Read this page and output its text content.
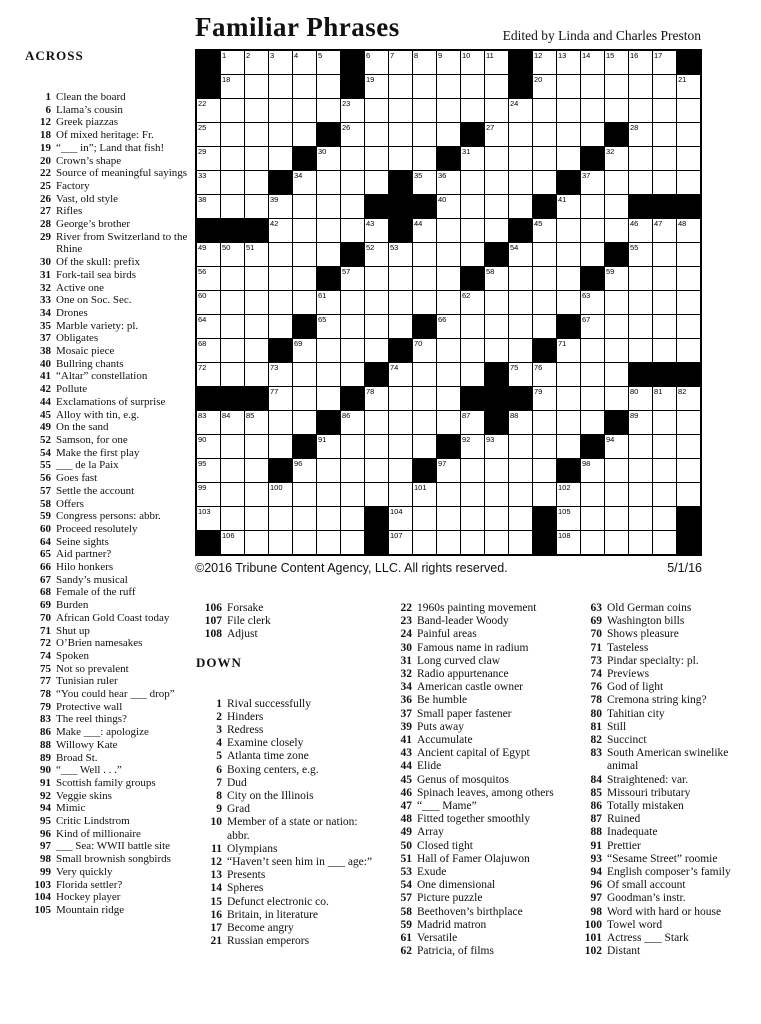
Familiar Phrases	Edited by Linda and Charles Preston
ACROSS
1 Clean the board
6 Llama’s cousin
12 Greek piazzas
18 Of mixed heritage: Fr.
19 “___ in”; Land that fish!
20 Crown’s shape
22 Source of meaningful sayings
25 Factory
26 Vast, old style
27 Rifles
28 George’s brother
29 River from Switzerland to the Rhine
30 Of the skull: prefix
31 Fork-tail sea birds
32 Active one
33 One on Soc. Sec.
34 Drones
35 Marble variety: pl.
37 Obligates
38 Mosaic piece
40 Bullring chants
41 “Altar” constellation
42 Pollute
44 Exclamations of surprise
45 Alloy with tin, e.g.
49 On the sand
52 Samson, for one
54 Make the first play
55 ___ de la Paix
56 Goes fast
57 Settle the account
58 Offers
59 Congress persons: abbr.
60 Proceed resolutely
64 Seine sights
65 Aid partner?
66 Hilo honkers
67 Sandy’s musical
68 Female of the ruff
69 Burden
70 African Gold Coast today
71 Shut up
72 O’Brien namesakes
74 Spoken
75 Not so prevalent
77 Tunisian ruler
78 “You could hear ___ drop”
79 Protective wall
83 The reel things?
86 Make ___: apologize
88 Willowy Kate
89 Broad St.
90 “___ Well . . .”
91 Scottish family groups
92 Veggie skins
94 Mimic
95 Critic Lindstrom
96 Kind of millionaire
97 ___ Sea: WWII battle site
98 Small brownish songbirds
99 Very quickly
103 Florida settler?
104 Hockey player
105 Mountain ridge
1	2	3	4	5	6	7	8	9	10 11	12 13 14 15 16 17
18	19	20	21
22	23	24
25	26	27	28
29	30	31	32
33	34	35 36	37
38	39	40	41
42	43	44	45	46 47 48
49 50 51	52 53	54	55
56	57	58	59
60	61	62	63
64	65	66	67
68	69	70	71
72	73	74	75 76
77	78	79	80 81 82
83 84 85	86	87	88	89
90	91	92 93	94
95	96	97	98
99	100	101	102
103	104	105
106	107	108
©2016 Tribune Content Agency, LLC. All rights reserved.	5/1/16
106 Forsake
107 File clerk
108 Adjust
DOWN
1 Rival successfully
2 Hinders
3 Redress
4 Examine closely
5 Atlanta time zone
6 Boxing centers, e.g.
7 Dud
8 City on the Illinois
9 Grad
10 Member of a state or nation: abbr.
11 Olympians
12 “Haven’t seen him in ___ age:”
13 Presents
14 Spheres
15 Defunct electronic co.
16 Britain, in literature
17 Become angry
21 Russian emperors
22 1960s painting movement
23 Band-leader Woody
24 Painful areas
30 Famous name in radium
31 Long curved claw
32 Radio appurtenance
34 American castle owner
36 Be humble
37 Small paper fastener
39 Puts away
41 Accumulate
43 Ancient capital of Egypt
44 Elide
45 Genus of mosquitos
46 Spinach leaves, among others
47 “___ Mame”
48 Fitted together smoothly
49 Array
50 Closed tight
51 Hall of Famer Olajuwon
53 Exude
54 One dimensional
57 Picture puzzle
58 Beethoven’s birthplace
59 Madrid matron
61 Versatile
62 Patricia, of films
63 Old German coins
69 Washington bills
70 Shows pleasure
71 Tasteless
73 Pindar specialty: pl.
74 Previews
76 God of light
78 Cremona string king?
80 Tahitian city
81 Still
82 Succinct
83 South American swinelike animal
84 Straightened: var.
85 Missouri tributary
86 Totally mistaken
87 Ruined
88 Inadequate
91 Prettier
93 “Sesame Street” roomie
94 English composer’s family
96 Of small account
97 Goodman’s instr.
98 Word with hard or house
100 Towel word
101 Actress ___ Stark
102 Distant
